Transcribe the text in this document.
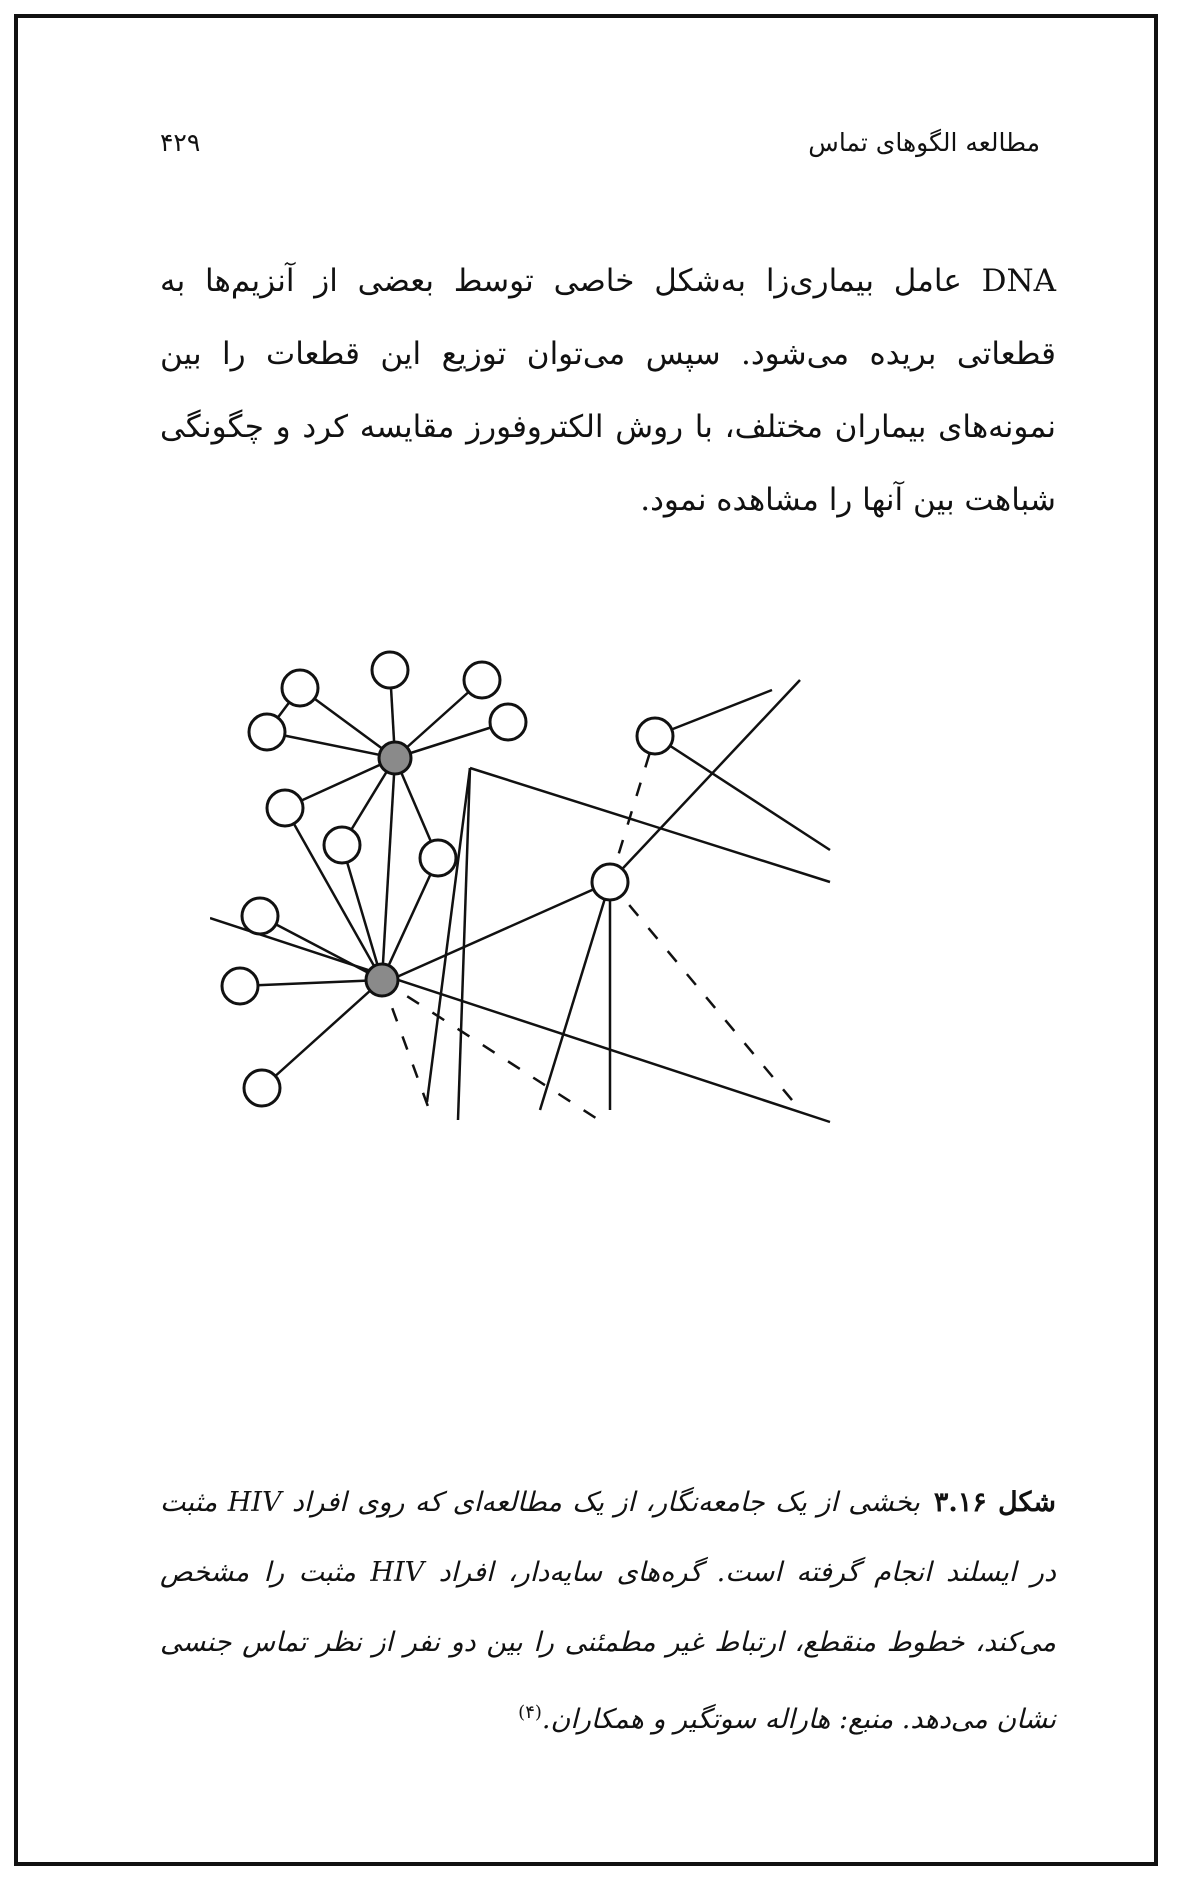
مطالعه الگوهای تماس
۴۲۹

DNA عامل بیماری‌زا به‌شکل خاصی توسط بعضی از آنزیم‌ها به قطعاتی بریده می‌شود. سپس می‌توان توزیع این قطعات را بین نمونه‌های بیماران مختلف، با روش الکتروفورز مقایسه کرد و چگونگی شباهت بین آنها را مشاهده نمود.

شکل ۳.۱۶بخشی از یک جامعه‌نگار، از یک مطالعه‌ای که روی افراد HIV مثبت در ایسلند انجام گرفته است. گره‌های سایه‌دار، افراد HIV مثبت را مشخص می‌کند، خطوط منقطع، ارتباط غیر مطمئنی را بین دو نفر از نظر تماس جنسی نشان می‌دهد. منبع: هاراله سوتگیر و همکاران.$^{(۴)}$
